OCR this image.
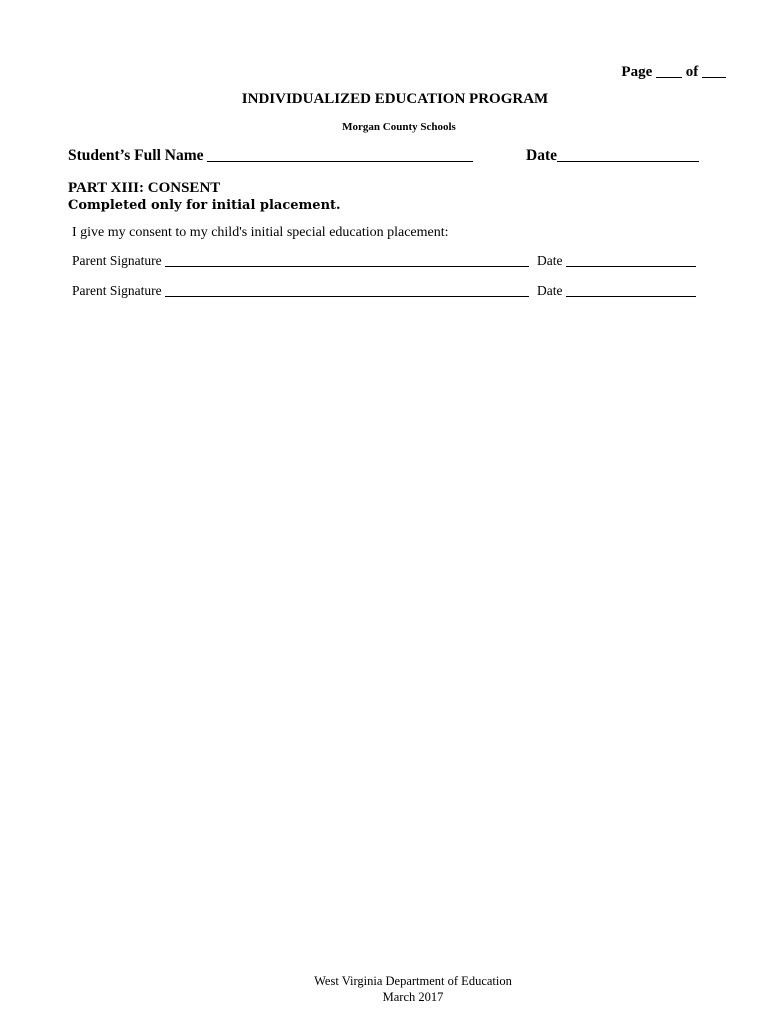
Page of
INDIVIDUALIZED EDUCATION PROGRAM
Morgan County Schools
Student’s Full Name	Date
PART XIII: CONSENT
Completed only for initial placement.
I give my consent to my child's initial special education placement:
Parent Signature	Date
Parent Signature	Date
West Virginia Department of Education
March 2017
